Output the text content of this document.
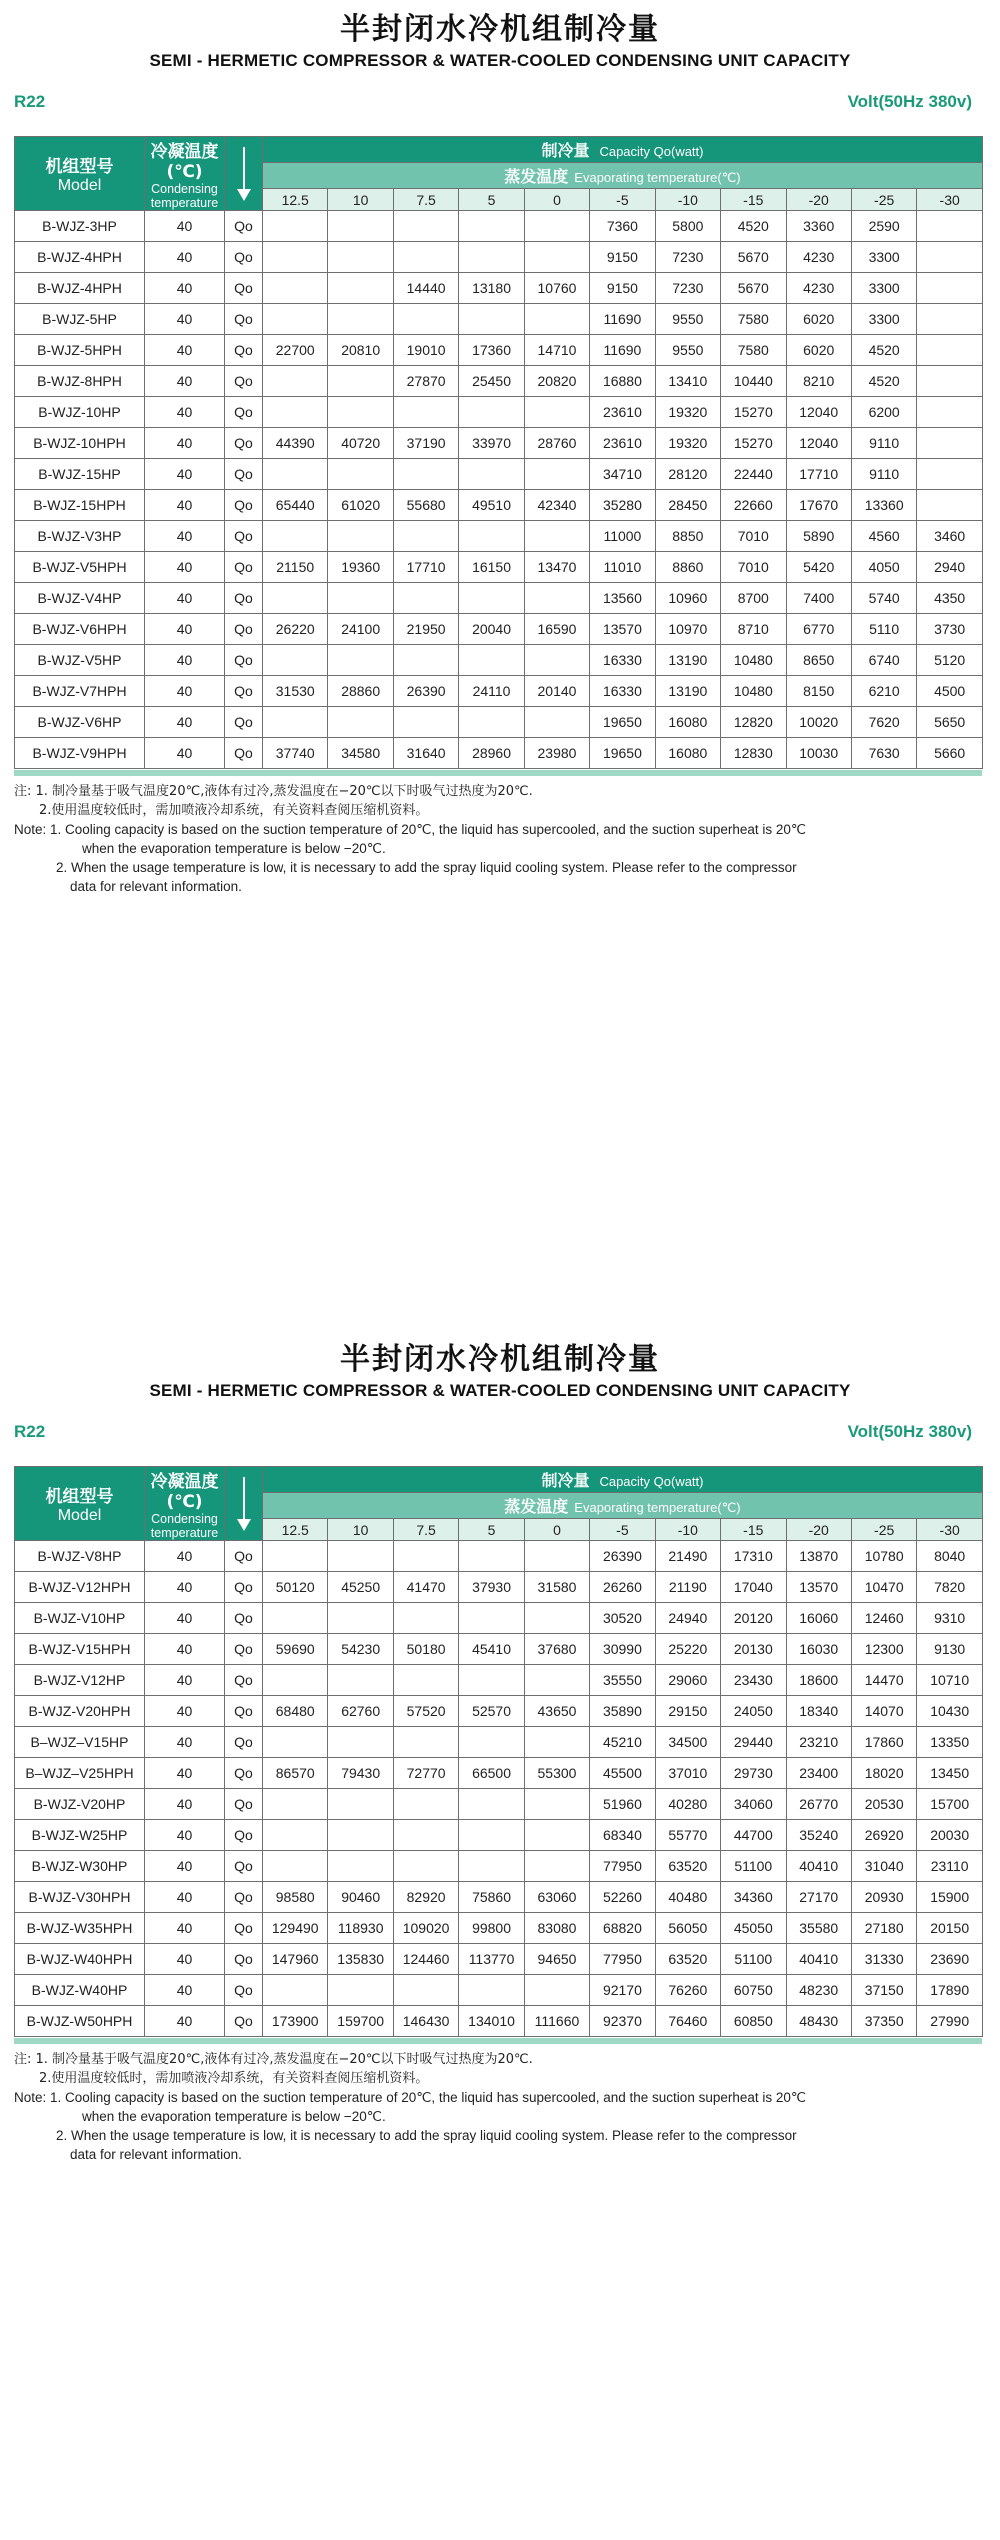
半封闭水冷机组制冷量
SEMI - HERMETIC COMPRESSOR & WATER-COOLED CONDENSING UNIT CAPACITY
R22	Volt(50Hz 380v)
机组型号
Model	冷凝温度(℃)
Condensing temperature		制冷量 Capacity Qo(watt)										
			蒸发温度 Evaporating temperature(℃)										
			12.5	10	7.5	5	0	-5	-10	-15	-20	-25	-30
B-WJZ-3HP	40	Qo						7360	5800	4520	3360	2590	
B-WJZ-4HPH	40	Qo						9150	7230	5670	4230	3300	
B-WJZ-4HPH	40	Qo			14440	13180	10760	9150	7230	5670	4230	3300	
B-WJZ-5HP	40	Qo						11690	9550	7580	6020	3300	
B-WJZ-5HPH	40	Qo	22700	20810	19010	17360	14710	11690	9550	7580	6020	4520	
B-WJZ-8HPH	40	Qo			27870	25450	20820	16880	13410	10440	8210	4520	
B-WJZ-10HP	40	Qo						23610	19320	15270	12040	6200	
B-WJZ-10HPH	40	Qo	44390	40720	37190	33970	28760	23610	19320	15270	12040	9110	
B-WJZ-15HP	40	Qo						34710	28120	22440	17710	9110	
B-WJZ-15HPH	40	Qo	65440	61020	55680	49510	42340	35280	28450	22660	17670	13360	
B-WJZ-V3HP	40	Qo						11000	8850	7010	5890	4560	3460
B-WJZ-V5HPH	40	Qo	21150	19360	17710	16150	13470	11010	8860	7010	5420	4050	2940
B-WJZ-V4HP	40	Qo						13560	10960	8700	7400	5740	4350
B-WJZ-V6HPH	40	Qo	26220	24100	21950	20040	16590	13570	10970	8710	6770	5110	3730
B-WJZ-V5HP	40	Qo						16330	13190	10480	8650	6740	5120
B-WJZ-V7HPH	40	Qo	31530	28860	26390	24110	20140	16330	13190	10480	8150	6210	4500
B-WJZ-V6HP	40	Qo						19650	16080	12820	10020	7620	5650
B-WJZ-V9HPH	40	Qo	37740	34580	31640	28960	23980	19650	16080	12830	10030	7630	5660
注: 1. 制冷量基于吸气温度20℃,液体有过冷,蒸发温度在−20℃以下时吸气过热度为20℃.
2.使用温度较低时，需加喷液冷却系统，有关资料查阅压缩机资料。
Note: 1. Cooling capacity is based on the suction temperature of 20℃, the liquid has supercooled, and the suction superheat is 20℃
when the evaporation temperature is below −20℃.
2. When the usage temperature is low, it is necessary to add the spray liquid cooling system. Please refer to the compressor
data for relevant information.
半封闭水冷机组制冷量
SEMI - HERMETIC COMPRESSOR & WATER-COOLED CONDENSING UNIT CAPACITY
R22	Volt(50Hz 380v)
机组型号
Model	冷凝温度(℃)
Condensing temperature		制冷量 Capacity Qo(watt)										
			蒸发温度 Evaporating temperature(℃)										
			12.5	10	7.5	5	0	-5	-10	-15	-20	-25	-30
B-WJZ-V8HP	40	Qo						26390	21490	17310	13870	10780	8040
B-WJZ-V12HPH	40	Qo	50120	45250	41470	37930	31580	26260	21190	17040	13570	10470	7820
B-WJZ-V10HP	40	Qo						30520	24940	20120	16060	12460	9310
B-WJZ-V15HPH	40	Qo	59690	54230	50180	45410	37680	30990	25220	20130	16030	12300	9130
B-WJZ-V12HP	40	Qo						35550	29060	23430	18600	14470	10710
B-WJZ-V20HPH	40	Qo	68480	62760	57520	52570	43650	35890	29150	24050	18340	14070	10430
B–WJZ–V15HP	40	Qo						45210	34500	29440	23210	17860	13350
B–WJZ–V25HPH	40	Qo	86570	79430	72770	66500	55300	45500	37010	29730	23400	18020	13450
B-WJZ-V20HP	40	Qo						51960	40280	34060	26770	20530	15700
B-WJZ-W25HP	40	Qo						68340	55770	44700	35240	26920	20030
B-WJZ-W30HP	40	Qo						77950	63520	51100	40410	31040	23110
B-WJZ-V30HPH	40	Qo	98580	90460	82920	75860	63060	52260	40480	34360	27170	20930	15900
B-WJZ-W35HPH	40	Qo	129490	118930	109020	99800	83080	68820	56050	45050	35580	27180	20150
B-WJZ-W40HPH	40	Qo	147960	135830	124460	113770	94650	77950	63520	51100	40410	31330	23690
B-WJZ-W40HP	40	Qo						92170	76260	60750	48230	37150	17890
B-WJZ-W50HPH	40	Qo	173900	159700	146430	134010	111660	92370	76460	60850	48430	37350	27990
注: 1. 制冷量基于吸气温度20℃,液体有过冷,蒸发温度在−20℃以下时吸气过热度为20℃.
2.使用温度较低时，需加喷液冷却系统，有关资料查阅压缩机资料。
Note: 1. Cooling capacity is based on the suction temperature of 20℃, the liquid has supercooled, and the suction superheat is 20℃
when the evaporation temperature is below −20℃.
2. When the usage temperature is low, it is necessary to add the spray liquid cooling system. Please refer to the compressor
data for relevant information.
